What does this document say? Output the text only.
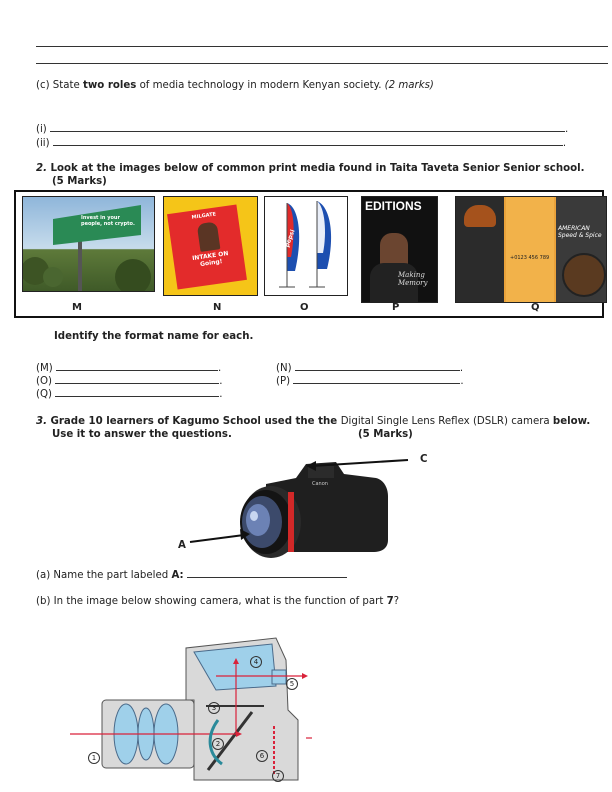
(c) State two roles of media technology in modern Kenyan society. (2 marks)
(i)	.
(ii)	.
2. Look at the images below of common print media found in Taita Taveta Senior Senior school.
(5 Marks)
Invest in your people, not crypto.
MILGATE
INTAKE ON Going!
pepsi
EDITIONS
Making Memory
+0123 456 789
AMERICAN Speed & Spice
M	N	O	P	Q
Identify the format name for each.
(M)	.	(N)	.
(O)	.	(P)	.
(Q)	.
3. Grade 10 learners of Kagumo School used the the Digital Single Lens Reflex (DSLR) camera below.
Use it to answer the questions.	(5 Marks)
Canon
C
A
(a) Name the part labeled A:
(b) In the image below showing camera, what is the function of part 7?
1
2
3
4
5
6
7
